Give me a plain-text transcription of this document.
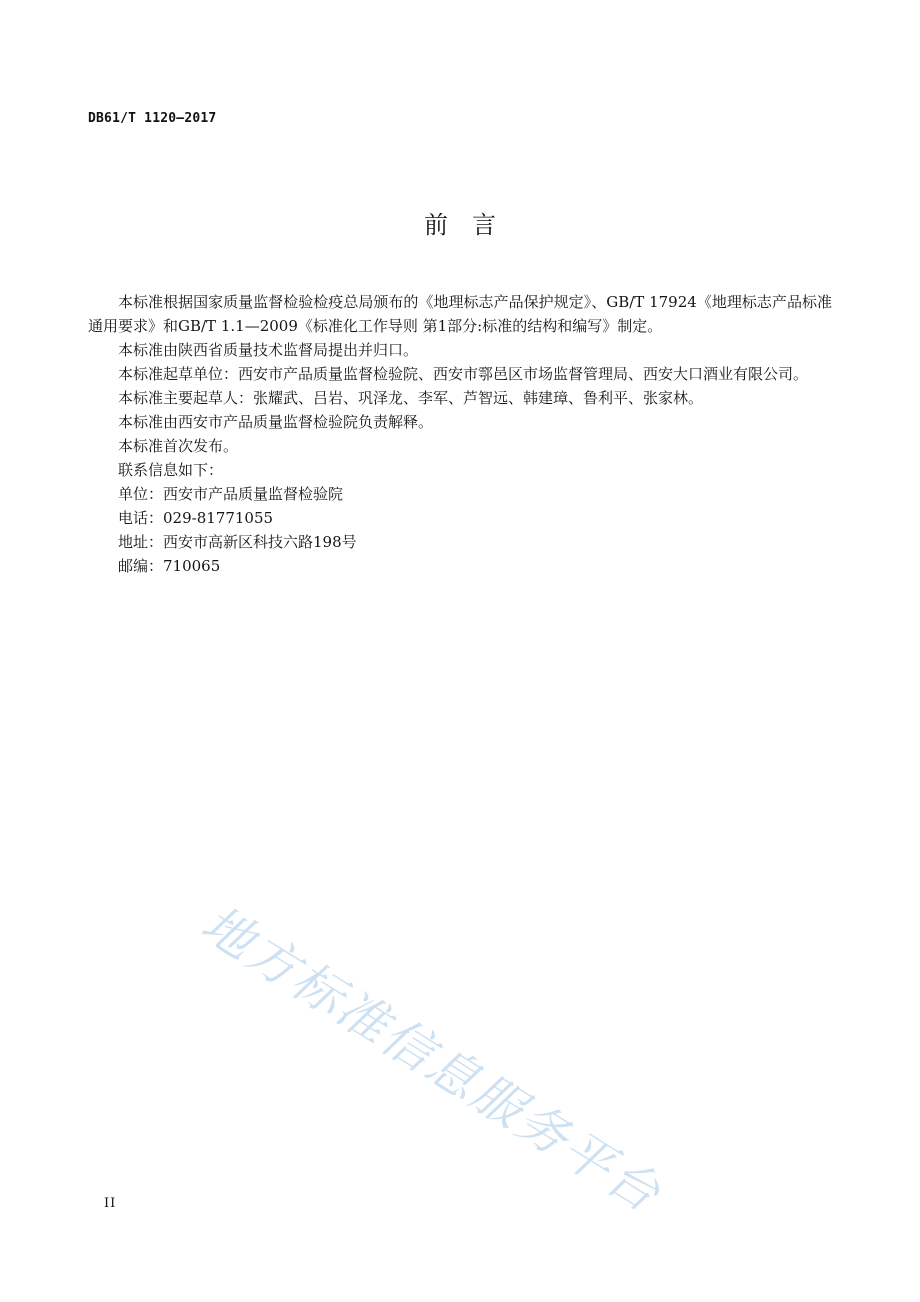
DB61/T 1120—2017
前　言

本标准根据国家质量监督检验检疫总局颁布的《地理标志产品保护规定》、GB/T 17924《地理标志产品标准通用要求》和GB/T 1.1—2009《标准化工作导则 第1部分:标准的结构和编写》制定。

本标准由陕西省质量技术监督局提出并归口。

本标准起草单位：西安市产品质量监督检验院、西安市鄠邑区市场监督管理局、西安大口酒业有限公司。

本标准主要起草人：张耀武、吕岩、巩泽龙、李军、芦智远、韩建璋、鲁利平、张家林。

本标准由西安市产品质量监督检验院负责解释。

本标准首次发布。

联系信息如下：

单位：西安市产品质量监督检验院

电话：029-81771055

地址：西安市高新区科技六路198号

邮编：710065

地方标准信息服务平台
II
